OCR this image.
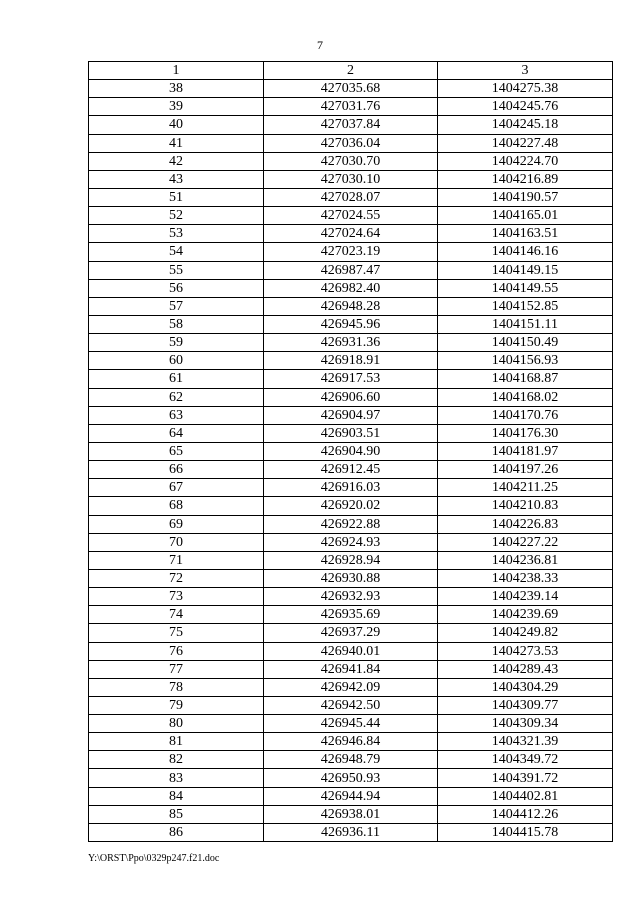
7
1	2	3
38	427035.68	1404275.38
39	427031.76	1404245.76
40	427037.84	1404245.18
41	427036.04	1404227.48
42	427030.70	1404224.70
43	427030.10	1404216.89
51	427028.07	1404190.57
52	427024.55	1404165.01
53	427024.64	1404163.51
54	427023.19	1404146.16
55	426987.47	1404149.15
56	426982.40	1404149.55
57	426948.28	1404152.85
58	426945.96	1404151.11
59	426931.36	1404150.49
60	426918.91	1404156.93
61	426917.53	1404168.87
62	426906.60	1404168.02
63	426904.97	1404170.76
64	426903.51	1404176.30
65	426904.90	1404181.97
66	426912.45	1404197.26
67	426916.03	1404211.25
68	426920.02	1404210.83
69	426922.88	1404226.83
70	426924.93	1404227.22
71	426928.94	1404236.81
72	426930.88	1404238.33
73	426932.93	1404239.14
74	426935.69	1404239.69
75	426937.29	1404249.82
76	426940.01	1404273.53
77	426941.84	1404289.43
78	426942.09	1404304.29
79	426942.50	1404309.77
80	426945.44	1404309.34
81	426946.84	1404321.39
82	426948.79	1404349.72
83	426950.93	1404391.72
84	426944.94	1404402.81
85	426938.01	1404412.26
86	426936.11	1404415.78
Y:\ORST\Ppo\0329p247.f21.doc
